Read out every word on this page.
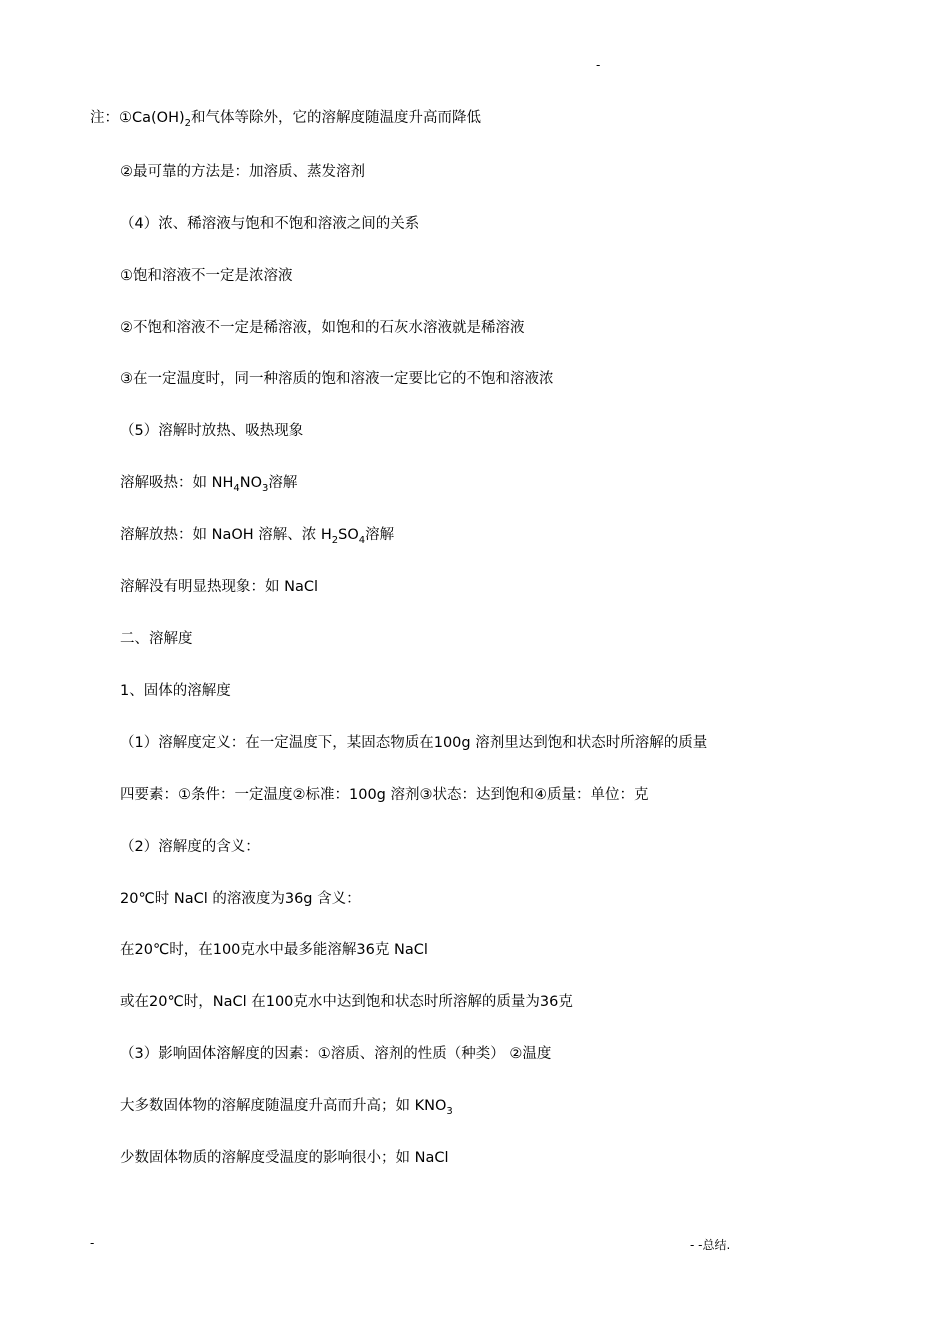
-
注：$①Ca(OH)_2$和气体等除外，它的溶解度随温度升高而降低
②最可靠的方法是：加溶质、蒸发溶剂
（4）浓、稀溶液与饱和不饱和溶液之间的关系
①饱和溶液不一定是浓溶液
②不饱和溶液不一定是稀溶液，如饱和的石灰水溶液就是稀溶液
③在一定温度时，同一种溶质的饱和溶液一定要比它的不饱和溶液浓
（5）溶解时放热、吸热现象
溶解吸热：如 $NH_4NO_3$溶解
溶解放热：如 NaOH 溶解、浓 $H_2SO_4$溶解
溶解没有明显热现象：如 NaCl
二、溶解度
1、固体的溶解度
（1）溶解度定义：在一定温度下，某固态物质在100g 溶剂里达到饱和状态时所溶解的质量
四要素：①条件：一定温度②标准：100g 溶剂③状态：达到饱和④质量：单位：克
（2）溶解度的含义：
20℃时 NaCl 的溶液度为36g 含义：
在20℃时，在100克水中最多能溶解36克 NaCl
或在20℃时，NaCl 在100克水中达到饱和状态时所溶解的质量为36克
（3）影响固体溶解度的因素：①溶质、溶剂的性质（种类） ②温度
大多数固体物的溶解度随温度升高而升高；如 $KNO_3$
少数固体物质的溶解度受温度的影响很小；如 NaCl
-	- -总结.
